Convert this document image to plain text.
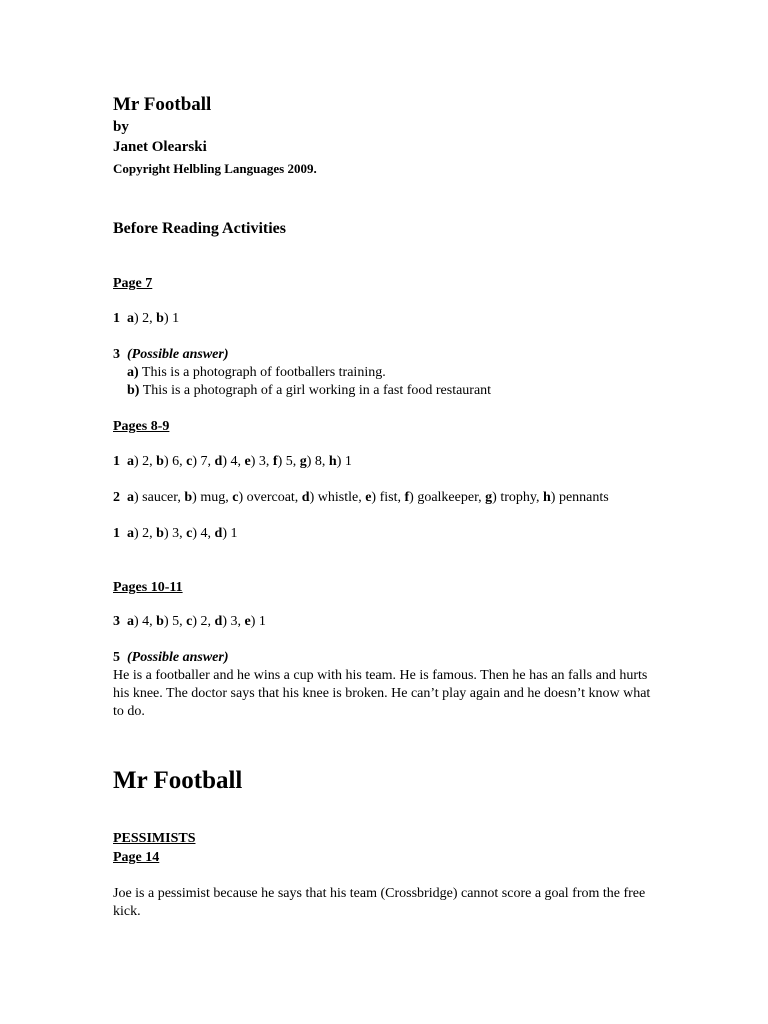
Mr Football
by
Janet Olearski
Copyright Helbling Languages 2009.
Before Reading Activities
Page 7
1 a) 2, b) 1
3 (Possible answer)
a) This is a photograph of footballers training.
b) This is a photograph of a girl working in a fast food restaurant
Pages 8-9
1 a) 2, b) 6, c) 7, d) 4, e) 3, f) 5, g) 8, h) 1
2 a) saucer, b) mug, c) overcoat, d) whistle, e) fist, f) goalkeeper, g) trophy, h) pennants
1 a) 2, b) 3, c) 4, d) 1
Pages 10-11
3 a) 4, b) 5, c) 2, d) 3, e) 1
5 (Possible answer)
He is a footballer and he wins a cup with his team. He is famous. Then he has an falls and hurts his knee. The doctor says that his knee is broken. He can’t play again and he doesn’t know what to do.
Mr Football
PESSIMISTS
Page 14
Joe is a pessimist because he says that his team (Crossbridge) cannot score a goal from the free kick.
